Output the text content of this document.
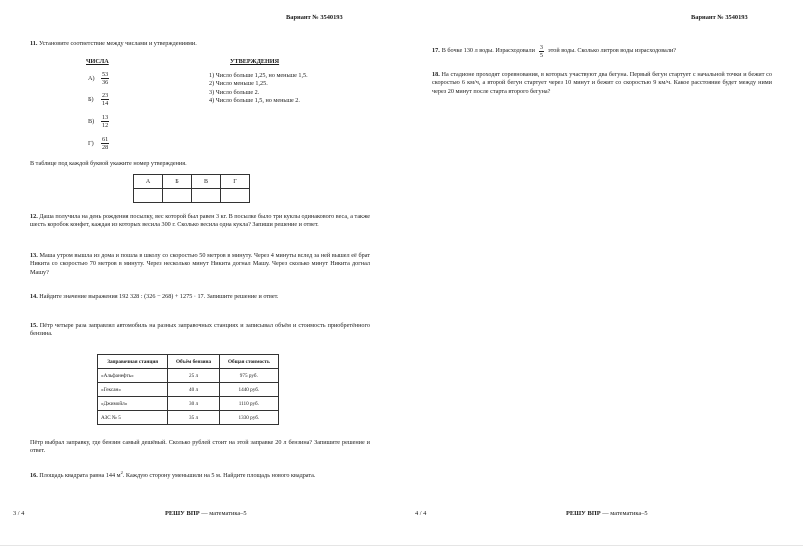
Вариант № 3540193
11. Установите соответствие между числами и утверждениями.
ЧИСЛА	УТВЕРЖДЕНИЯ
А)	$\frac{53}{36}$
Б)	$\frac{23}{14}$
В)	$\frac{13}{12}$
Г)	$\frac{61}{28}$
1) Число больше 1,25, но меньше 1,5.
2) Число меньше 1,25.
3) Число больше 2.
4) Число больше 1,5, но меньше 2.
В таблице под каждой буквой укажите номер утверждения.
А	Б	В	Г

12. Даша получила на день рождения посылку, вес которой был равен 3 кг. В посылке было три куклы одинакового веса, а также шесть коробок конфет, каждая из которых весила 300 г. Сколько весила одна кукла? Запиши решение и ответ.
13. Маша утром вышла из дома и пошла в школу со скоростью 50 метров в минуту. Через 4 минуты вслед за ней вышел её брат Никита со скоростью 70 метров в минуту. Через несколько минут Никита догнал Машу. Через сколько минут Никита догнал Машу?
14. Найдите значение выражения 192 328 : (326 − 268) + 1275 · 17. Запишите решение и ответ.
15. Пётр четыре раза заправлял автомобиль на разных заправочных станциях и записывал объём и стоимость приобретённого бензина.
Заправочная станция	Объём бензина	Общая стоимость
«Альфанефть»	25 л	975 руб.
«Гексан»	40 л	1440 руб.
«Джимойл»	30 л	1110 руб.
АЗС № 5	35 л	1330 руб.
Пётр выбрал заправку, где бензин самый дешёвый. Сколько рублей стоит на этой заправке 20 л бензина? Запишите решение и ответ.
16. Площадь квадрата равна 144 $м^2$. Каждую сторону уменьшили на 5 м. Найдите площадь нового квадрата.
3 / 4	РЕШУ ВПР — математика–5
Вариант № 3540193
17. В бочке 130 л воды. Израсходовали $\frac{3}{5}$ этой воды. Сколько литров воды израсходовали?
18. На стадионе проходят соревнования, в которых участвуют два бегуна. Первый бегун стартует с начальной точки и бежит со скоростью 6 км/ч, а второй бегун стартует через 10 минут и бежит со скоростью 9 км/ч. Какое расстояние будет между ними через 20 минут после старта второго бегуна?
4 / 4	РЕШУ ВПР — математика–5
